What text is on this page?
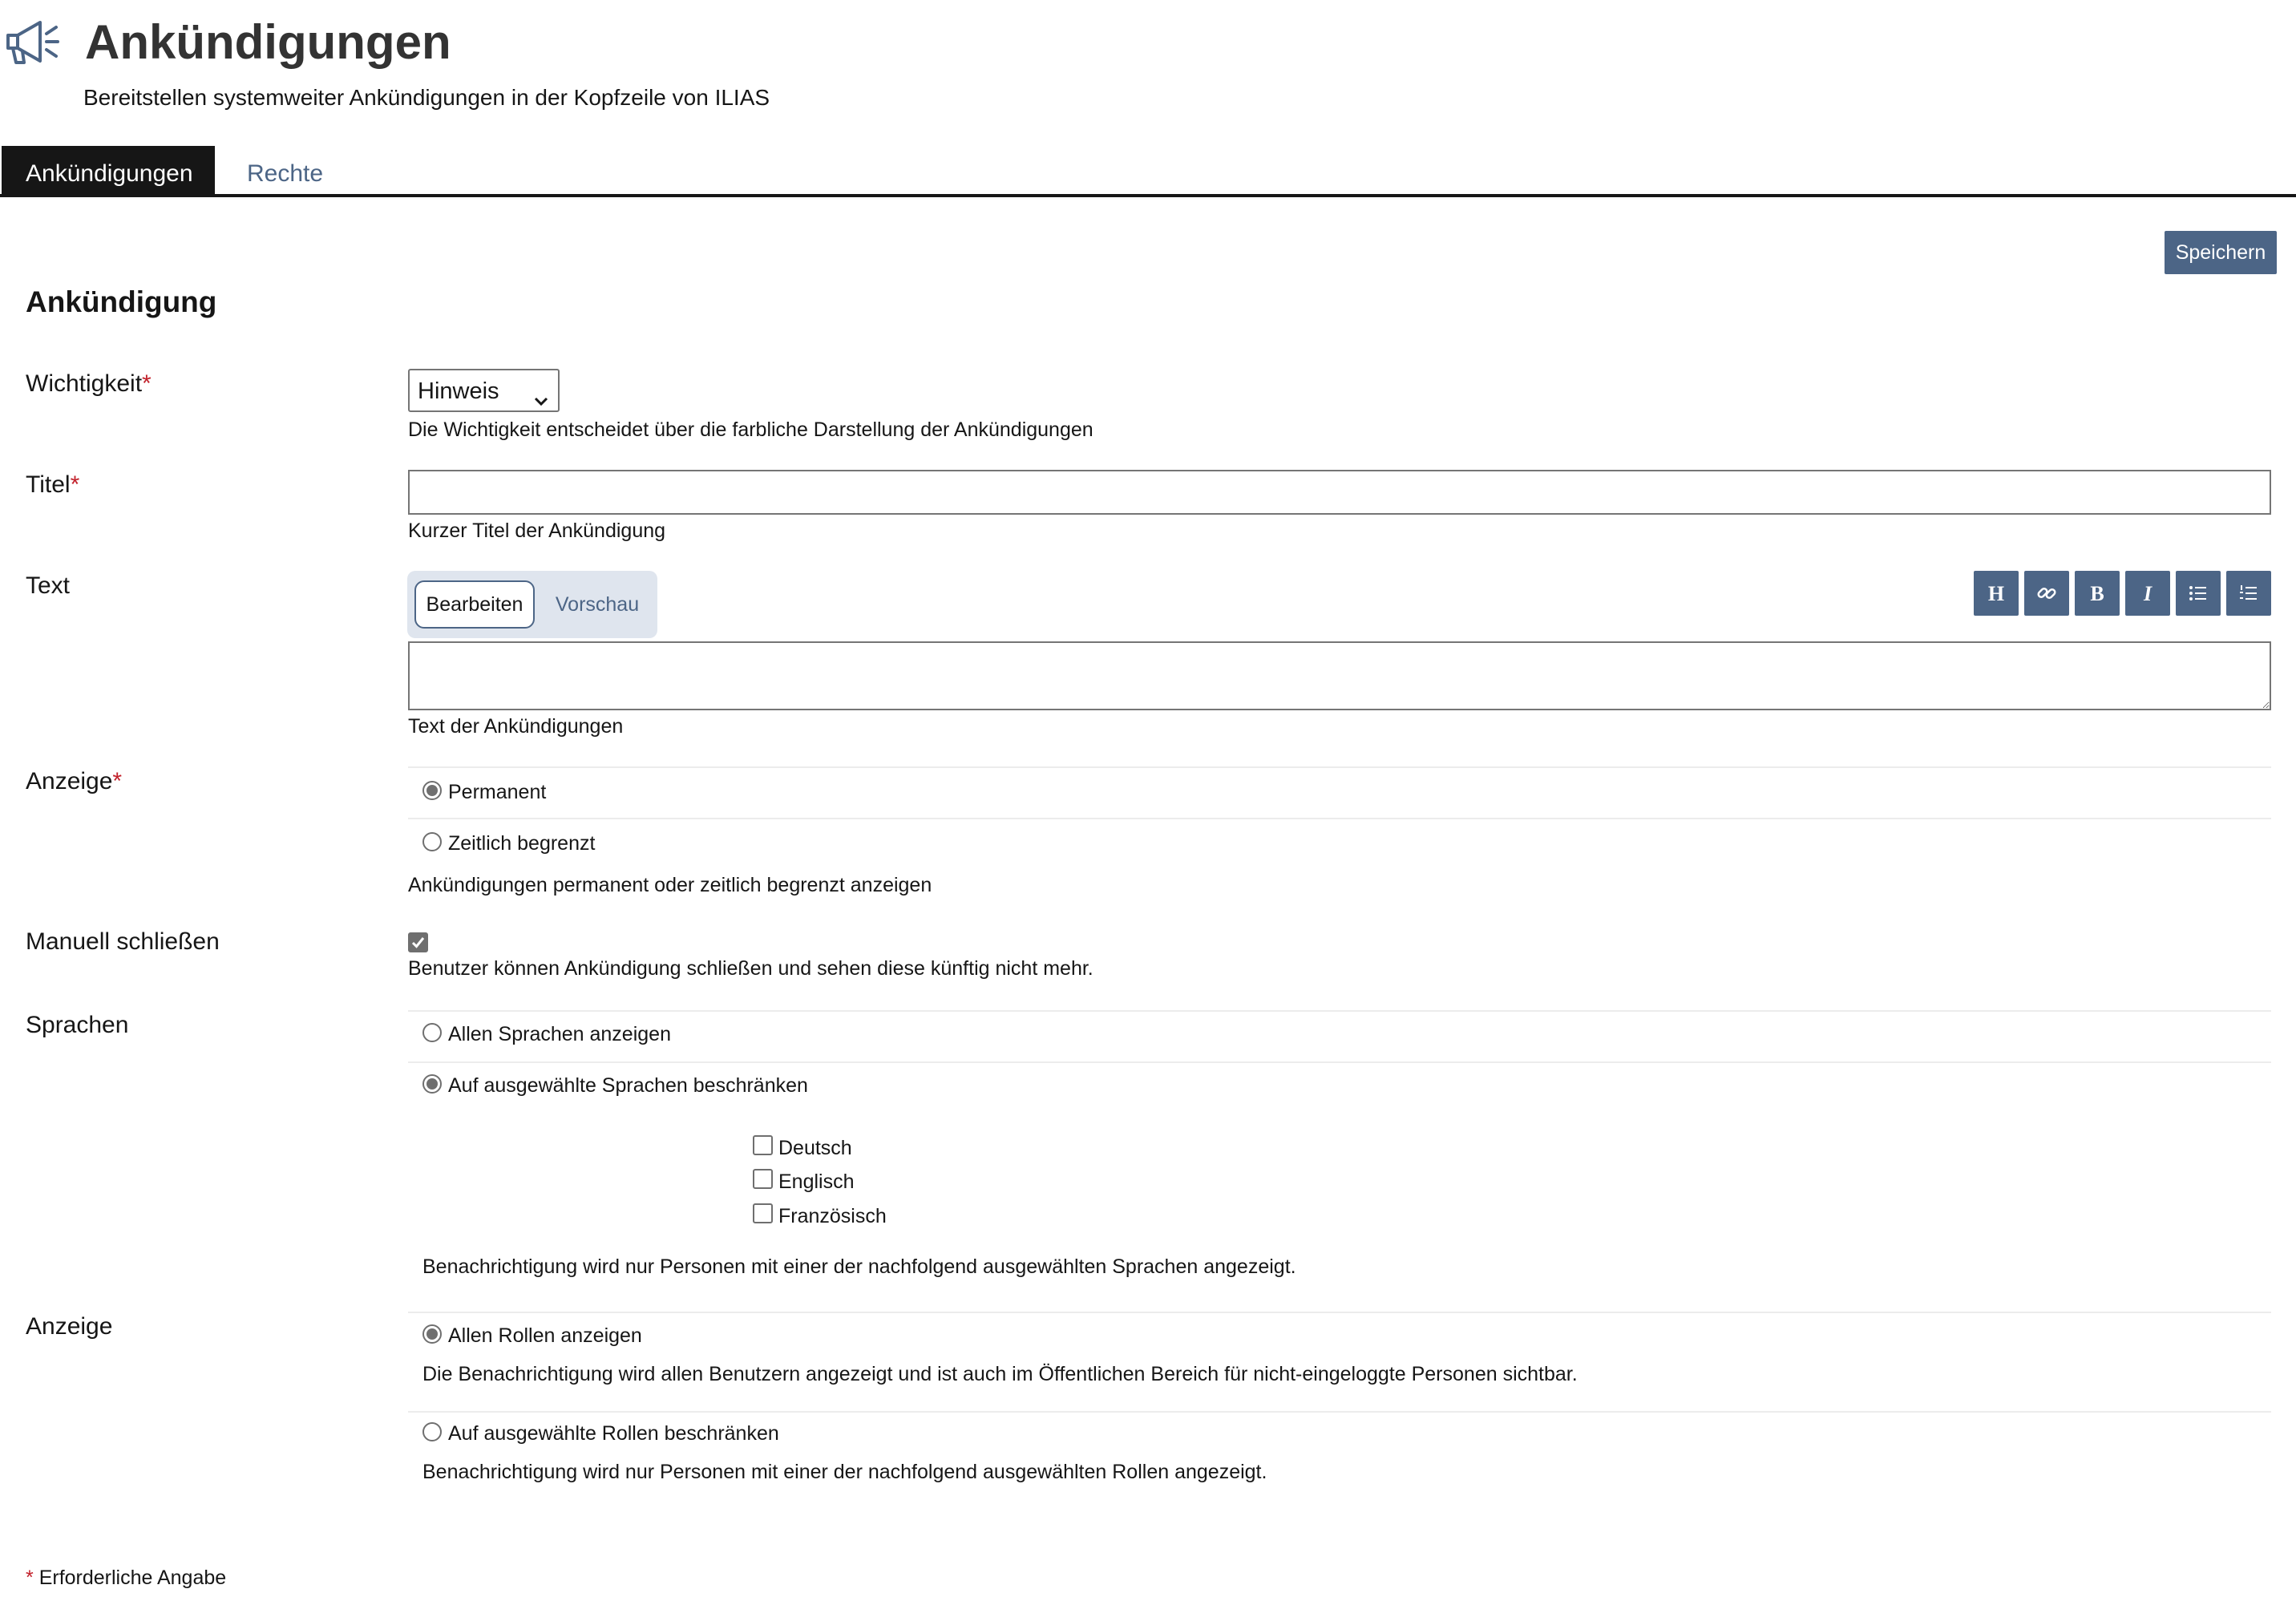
Ankündigungen
Bereitstellen systemweiter Ankündigungen in der Kopfzeile von ILIAS
Ankündigungen	Rechte
Speichern
Ankündigung
Wichtigkeit*	Hinweis
Die Wichtigkeit entscheidet über die farbliche Darstellung der Ankündigungen
Titel*
Kurzer Titel der Ankündigung
Text
Bearbeiten	Vorschau	H	B I
Text der Ankündigungen
Anzeige*	Permanent
Zeitlich begrenzt
Ankündigungen permanent oder zeitlich begrenzt anzeigen
Manuell schließen
Benutzer können Ankündigung schließen und sehen diese künftig nicht mehr.
Sprachen	Allen Sprachen anzeigen
Auf ausgewählte Sprachen beschränken
Deutsch
Englisch
Französisch
Benachrichtigung wird nur Personen mit einer der nachfolgend ausgewählten Sprachen angezeigt.
Anzeige	Allen Rollen anzeigen
Die Benachrichtigung wird allen Benutzern angezeigt und ist auch im Öffentlichen Bereich für nicht-eingeloggte Personen sichtbar.
Auf ausgewählte Rollen beschränken
Benachrichtigung wird nur Personen mit einer der nachfolgend ausgewählten Rollen angezeigt.
* Erforderliche Angabe
